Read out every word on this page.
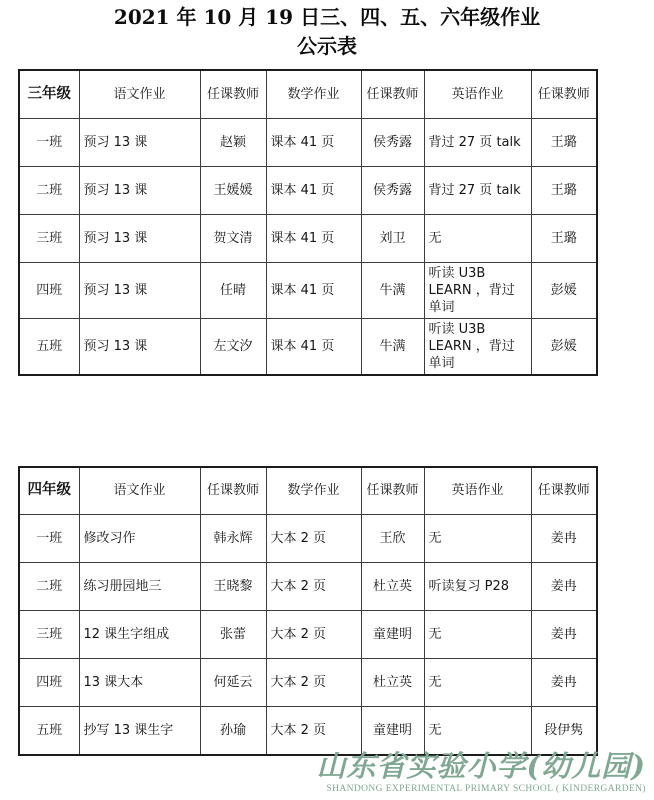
2021 年 10 月 19 日三、四、五、六年级作业
公示表
三年级	语文作业	任课教师	数学作业	任课教师	英语作业	任课教师
一班	预习 13 课	赵颖	课本 41 页	侯秀露	背过 27 页 talk	王璐
二班	预习 13 课	王媛媛	课本 41 页	侯秀露	背过 27 页 talk	王璐
三班	预习 13 课	贺文清	课本 41 页	刘卫	无	王璐
四班	预习 13 课	任晴	课本 41 页	牛满	听读 U3B LEARN ，背过单词	彭媛
五班	预习 13 课	左文汐	课本 41 页	牛满	听读 U3B LEARN ，背过单词	彭媛
四年级	语文作业	任课教师	数学作业	任课教师	英语作业	任课教师
一班	修改习作	韩永辉	大本 2 页	王欣	无	姜冉
二班	练习册园地三	王晓黎	大本 2 页	杜立英	听读复习 P28	姜冉
三班	12 课生字组成	张蕾	大本 2 页	童建明	无	姜冉
四班	13 课大本	何延云	大本 2 页	杜立英	无	姜冉
五班	抄写 13 课生字	孙瑜	大本 2 页	童建明	无	段伊隽
山东省实验小学(幼儿园)
SHANDONG EXPERIMENTAL PRIMARY SCHOOL ( KINDERGARDEN)
